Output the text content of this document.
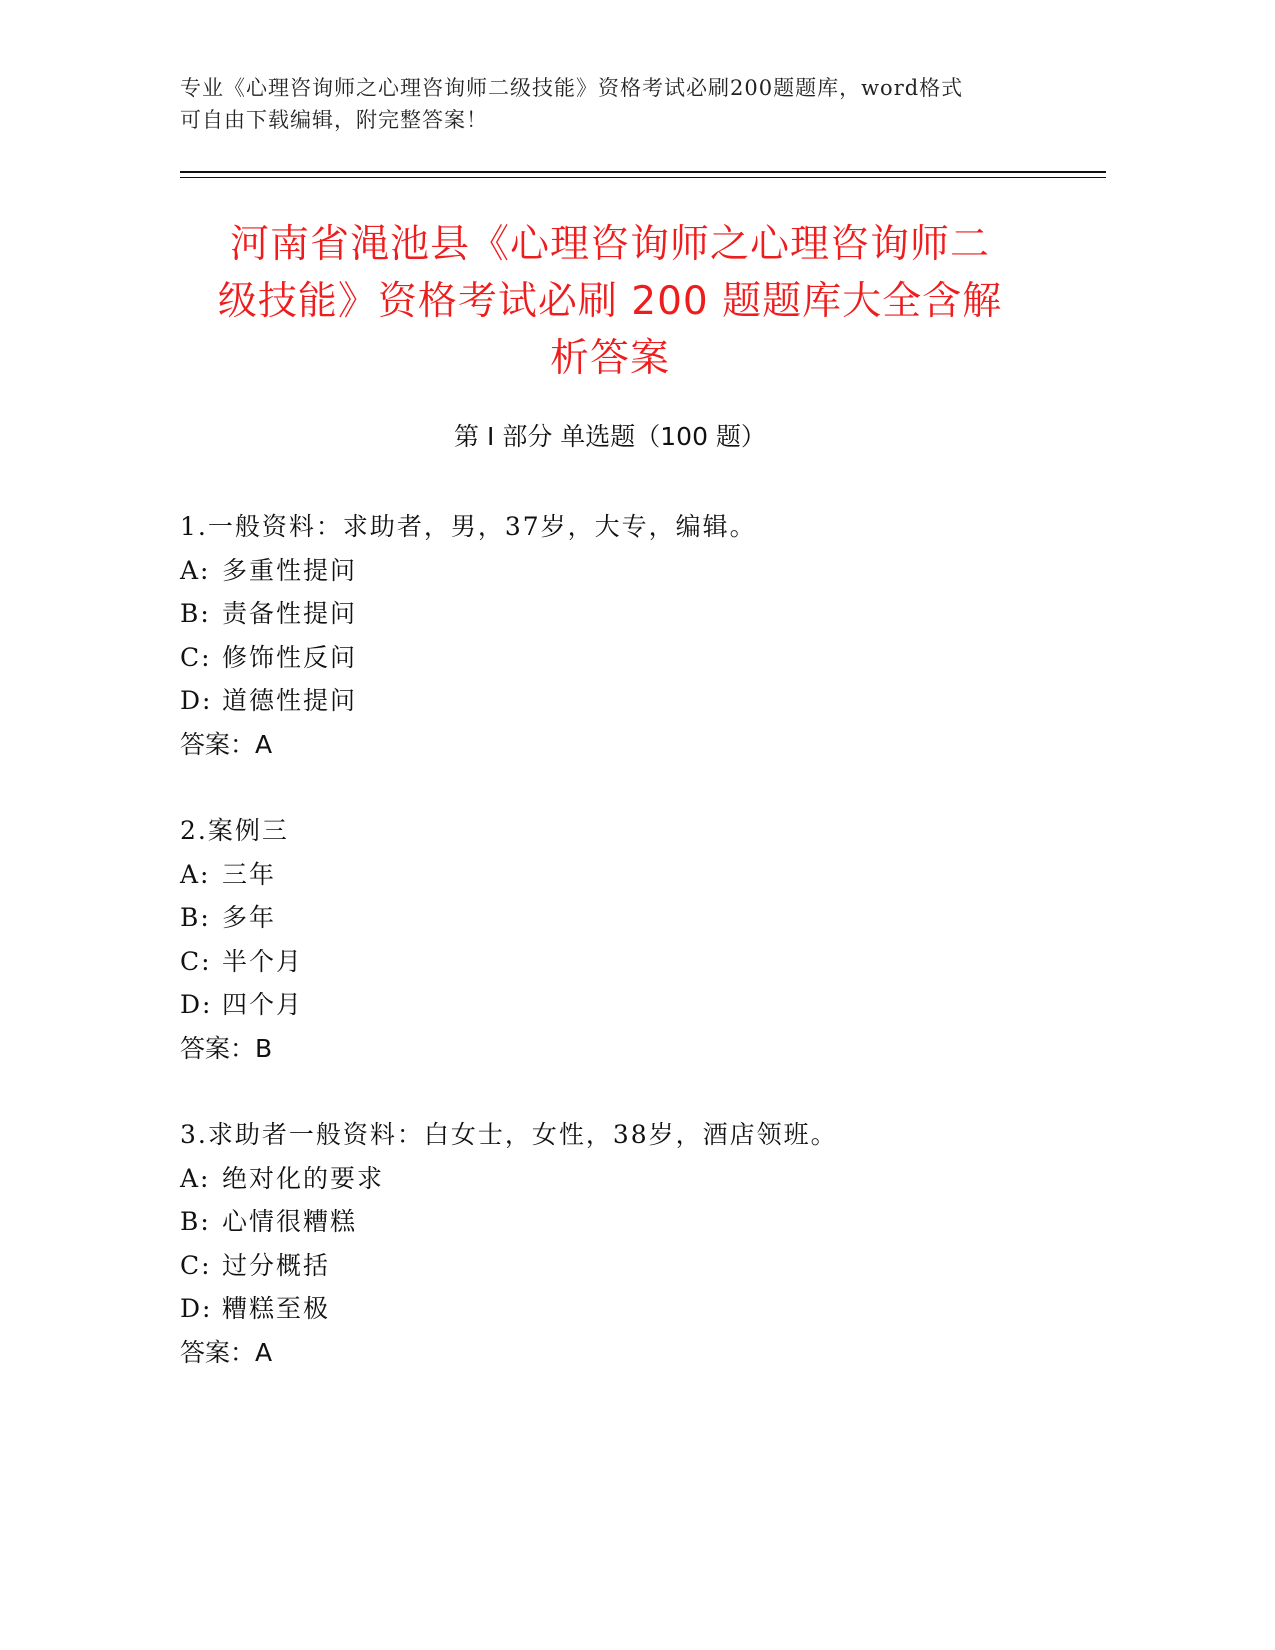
专业《心理咨询师之心理咨询师二级技能》资格考试必刷200题题库，word格式
可自由下载编辑，附完整答案！
河南省渑池县《心理咨询师之心理咨询师二
级技能》资格考试必刷 200 题题库大全含解
析答案
第 I 部分 单选题（100 题）
1.一般资料：求助者，男，37岁，大专，编辑。
A: 多重性提问
B: 责备性提问
C: 修饰性反问
D: 道德性提问
答案：A
2.案例三
A: 三年
B: 多年
C: 半个月
D: 四个月
答案：B
3.求助者一般资料：白女士，女性，38岁，酒店领班。
A: 绝对化的要求
B: 心情很糟糕
C: 过分概括
D: 糟糕至极
答案：A
